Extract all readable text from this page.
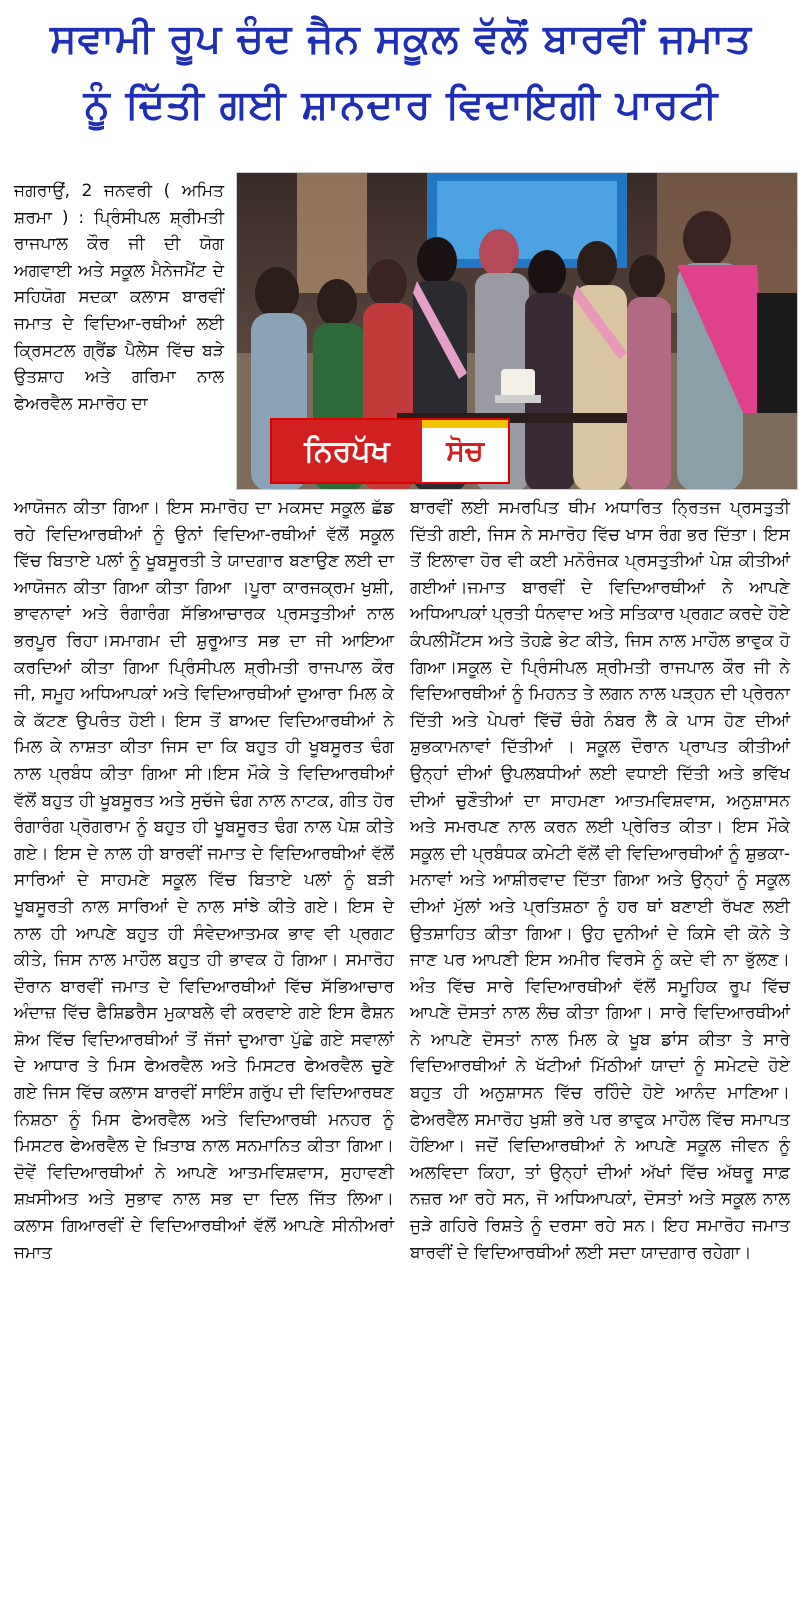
ਸਵਾਮੀ ਰੂਪ ਚੰਦ ਜੈਨ ਸਕੂਲ ਵੱਲੋਂ ਬਾਰਵੀਂ ਜਮਾਤ
ਨੂੰ ਦਿੱਤੀ ਗਈ ਸ਼ਾਨਦਾਰ ਵਿਦਾਇਗੀ ਪਾਰਟੀ

ਜਗਰਾਉਂ, 2 ਜਨਵਰੀ ( ਅਮਿਤ ਸ਼ਰਮਾ ) : ਪ੍ਰਿੰਸੀਪਲ ਸ਼੍ਰੀਮਤੀ ਰਾਜਪਾਲ ਕੌਰ ਜੀ ਦੀ ਯੋਗ ਅਗਵਾਈ ਅਤੇ ਸਕੂਲ ਮੈਨੇਜਮੈਂਟ ਦੇ ਸਹਿਯੋਗ ਸਦਕਾ ਕਲਾਸ ਬਾਰਵੀਂ ਜਮਾਤ ਦੇ ਵਿਦਿਆ-ਰਥੀਆਂ ਲਈ ਕ੍ਰਿਸਟਲ ਗ੍ਰੈਂਡ ਪੈਲੇਸ ਵਿੱਚ ਬੜੇ ਉਤਸ਼ਾਹ ਅਤੇ ਗਰਿਮਾ ਨਾਲ ਫੇਅਰਵੈਲ ਸਮਾਰੋਹ ਦਾ

ਨਿਰਪੱਖ	ਸੋਚ

ਆਯੋਜਨ ਕੀਤਾ ਗਿਆ। ਇਸ ਸਮਾਰੋਹ ਦਾ ਮਕਸਦ ਸਕੂਲ ਛੱਡ ਰਹੇ ਵਿਦਿਆਰਥੀਆਂ ਨੂੰ ਉਨਾਂ ਵਿਦਿਆ-ਰਥੀਆਂ ਵੱਲੋਂ ਸਕੂਲ ਵਿੱਚ ਬਿਤਾਏ ਪਲਾਂ ਨੂੰ ਖੂਬਸੂਰਤੀ ਤੇ ਯਾਦਗਾਰ ਬਣਾਉਣ ਲਈ ਦਾ ਆਯੋਜਨ ਕੀਤਾ ਗਿਆ ਕੀਤਾ ਗਿਆ ।ਪੂਰਾ ਕਾਰਜਕ੍ਰਮ ਖੁਸ਼ੀ, ਭਾਵਨਾਵਾਂ ਅਤੇ ਰੰਗਾਰੰਗ ਸੱਭਿਆਚਾਰਕ ਪ੍ਰਸਤੁਤੀਆਂ ਨਾਲ ਭਰਪੂਰ ਰਿਹਾ।ਸਮਾਗਮ ਦੀ ਸ਼ੁਰੂਆਤ ਸਭ ਦਾ ਜੀ ਆਇਆ ਕਰਦਿਆਂ ਕੀਤਾ ਗਿਆ ਪ੍ਰਿੰਸੀਪਲ ਸ਼੍ਰੀਮਤੀ ਰਾਜਪਾਲ ਕੌਰ ਜੀ, ਸਮੂਹ ਅਧਿਆਪਕਾਂ ਅਤੇ ਵਿਦਿਆਰਥੀਆਂ ਦੁਆਰਾ ਮਿਲ ਕੇ ਕੇ ਕੱਟਣ ਉਪਰੰਤ ਹੋਈ। ਇਸ ਤੋਂ ਬਾਅਦ ਵਿਦਿਆਰਥੀਆਂ ਨੇ ਮਿਲ ਕੇ ਨਾਸ਼ਤਾ ਕੀਤਾ ਜਿਸ ਦਾ ਕਿ ਬਹੁਤ ਹੀ ਖੂਬਸੂਰਤ ਢੰਗ ਨਾਲ ਪ੍ਰਬੰਧ ਕੀਤਾ ਗਿਆ ਸੀ।ਇਸ ਮੌਕੇ ਤੇ ਵਿਦਿਆਰਥੀਆਂ ਵੱਲੋਂ ਬਹੁਤ ਹੀ ਖੂਬਸੂਰਤ ਅਤੇ ਸੁਚੱਜੇ ਢੰਗ ਨਾਲ ਨਾਟਕ, ਗੀਤ ਹੋਰ ਰੰਗਾਰੰਗ ਪ੍ਰੋਗਰਾਮ ਨੂੰ ਬਹੁਤ ਹੀ ਖੂਬਸੂਰਤ ਢੰਗ ਨਾਲ ਪੇਸ਼ ਕੀਤੇ ਗਏ। ਇਸ ਦੇ ਨਾਲ ਹੀ ਬਾਰਵੀਂ ਜਮਾਤ ਦੇ ਵਿਦਿਆਰਥੀਆਂ ਵੱਲੋਂ ਸਾਰਿਆਂ ਦੇ ਸਾਹਮਣੇ ਸਕੂਲ ਵਿੱਚ ਬਿਤਾਏ ਪਲਾਂ ਨੂੰ ਬੜੀ ਖੂਬਸੂਰਤੀ ਨਾਲ ਸਾਰਿਆਂ ਦੇ ਨਾਲ ਸਾਂਝੇ ਕੀਤੇ ਗਏ। ਇਸ ਦੇ ਨਾਲ ਹੀ ਆਪਣੇ ਬਹੁਤ ਹੀ ਸੰਵੇਦਆਤਮਕ ਭਾਵ ਵੀ ਪ੍ਰਗਟ ਕੀਤੇ, ਜਿਸ ਨਾਲ ਮਾਹੌਲ ਬਹੁਤ ਹੀ ਭਾਵਕ ਹੋ ਗਿਆ। ਸਮਾਰੋਹ ਦੌਰਾਨ ਬਾਰਵੀਂ ਜਮਾਤ ਦੇ ਵਿਦਿਆਰਥੀਆਂ ਵਿੱਚ ਸੱਭਿਆਚਾਰ ਅੰਦਾਜ਼ ਵਿੱਚ ਫੈਸ਼ਿਡਰੈਸ ਮੁਕਾਬਲੇ ਵੀ ਕਰਵਾਏ ਗਏ ਇਸ ਫੈਸ਼ਨ ਸ਼ੋਅ ਵਿੱਚ ਵਿਦਿਆਰਥੀਆਂ ਤੋਂ ਜੱਜਾਂ ਦੁਆਰਾ ਪੁੱਛੇ ਗਏ ਸਵਾਲਾਂ ਦੇ ਆਧਾਰ ਤੇ ਮਿਸ ਫੇਅਰਵੈਲ ਅਤੇ ਮਿਸਟਰ ਫੇਅਰਵੈਲ ਚੁਣੇ ਗਏ ਜਿਸ ਵਿੱਚ ਕਲਾਸ ਬਾਰਵੀਂ ਸਾਇੰਸ ਗਰੁੱਪ ਦੀ ਵਿਦਿਆਰਥਣ ਨਿਸ਼ਠਾ ਨੂੰ ਮਿਸ ਫੇਅਰਵੈਲ ਅਤੇ ਵਿਦਿਆਰਥੀ ਮਨਹਰ ਨੂੰ ਮਿਸਟਰ ਫੇਅਰਵੈਲ ਦੇ ਖ਼ਿਤਾਬ ਨਾਲ ਸਨਮਾਨਿਤ ਕੀਤਾ ਗਿਆ। ਦੋਵੇਂ ਵਿਦਿਆਰਥੀਆਂ ਨੇ ਆਪਣੇ ਆਤਮਵਿਸ਼ਵਾਸ, ਸੁਹਾਵਣੀ ਸ਼ਖ਼ਸੀਅਤ ਅਤੇ ਸੁਭਾਵ ਨਾਲ ਸਭ ਦਾ ਦਿਲ ਜਿੱਤ ਲਿਆ। ਕਲਾਸ ਗਿਆਰਵੀਂ ਦੇ ਵਿਦਿਆਰਥੀਆਂ ਵੱਲੋਂ ਆਪਣੇ ਸੀਨੀਅਰਾਂ ਜਮਾਤ

ਬਾਰਵੀਂ ਲਈ ਸਮਰਪਿਤ ਥੀਮ ਅਧਾਰਿਤ ਨ੍ਰਿਤਜ ਪ੍ਰਸਤੁਤੀ ਦਿੱਤੀ ਗਈ, ਜਿਸ ਨੇ ਸਮਾਰੋਹ ਵਿੱਚ ਖਾਸ ਰੰਗ ਭਰ ਦਿੱਤਾ। ਇਸ ਤੋਂ ਇਲਾਵਾ ਹੋਰ ਵੀ ਕਈ ਮਨੋਰੰਜਕ ਪ੍ਰਸਤੁਤੀਆਂ ਪੇਸ਼ ਕੀਤੀਆਂ ਗਈਆਂ।ਜਮਾਤ ਬਾਰਵੀਂ ਦੇ ਵਿਦਿਆਰਥੀਆਂ ਨੇ ਆਪਣੇ ਅਧਿਆਪਕਾਂ ਪ੍ਰਤੀ ਧੰਨਵਾਦ ਅਤੇ ਸਤਿਕਾਰ ਪ੍ਰਗਟ ਕਰਦੇ ਹੋਏ ਕੰਪਲੀਮੈਂਟਸ ਅਤੇ ਤੋਹਫ਼ੇ ਭੇਟ ਕੀਤੇ, ਜਿਸ ਨਾਲ ਮਾਹੌਲ ਭਾਵੁਕ ਹੋ ਗਿਆ।ਸਕੂਲ ਦੇ ਪ੍ਰਿੰਸੀਪਲ ਸ਼੍ਰੀਮਤੀ ਰਾਜਪਾਲ ਕੌਰ ਜੀ ਨੇ ਵਿਦਿਆਰਥੀਆਂ ਨੂੰ ਮਿਹਨਤ ਤੇ ਲਗਨ ਨਾਲ ਪੜ੍ਹਨ ਦੀ ਪ੍ਰੇਰਨਾ ਦਿੱਤੀ ਅਤੇ ਪੇਪਰਾਂ ਵਿੱਚੋਂ ਚੰਗੇ ਨੰਬਰ ਲੈ ਕੇ ਪਾਸ ਹੋਣ ਦੀਆਂ ਸ਼ੁਭਕਾਮਨਾਵਾਂ ਦਿੱਤੀਆਂ । ਸਕੂਲ ਦੌਰਾਨ ਪ੍ਰਾਪਤ ਕੀਤੀਆਂ ਉਨ੍ਹਾਂ ਦੀਆਂ ਉਪਲਬਧੀਆਂ ਲਈ ਵਧਾਈ ਦਿੱਤੀ ਅਤੇ ਭਵਿੱਖ ਦੀਆਂ ਚੁਣੌਤੀਆਂ ਦਾ ਸਾਹਮਣਾ ਆਤਮਵਿਸ਼ਵਾਸ, ਅਨੁਸ਼ਾਸਨ ਅਤੇ ਸਮਰਪਣ ਨਾਲ ਕਰਨ ਲਈ ਪ੍ਰੇਰਿਤ ਕੀਤਾ। ਇਸ ਮੌਕੇ ਸਕੂਲ ਦੀ ਪ੍ਰਬੰਧਕ ਕਮੇਟੀ ਵੱਲੋਂ ਵੀ ਵਿਦਿਆਰਥੀਆਂ ਨੂੰ ਸ਼ੁਭਕਾ-ਮਨਾਵਾਂ ਅਤੇ ਆਸ਼ੀਰਵਾਦ ਦਿੱਤਾ ਗਿਆ ਅਤੇ ਉਨ੍ਹਾਂ ਨੂੰ ਸਕੂਲ ਦੀਆਂ ਮੁੱਲਾਂ ਅਤੇ ਪ੍ਰਤਿਸ਼ਠਾ ਨੂੰ ਹਰ ਥਾਂ ਬਣਾਈ ਰੱਖਣ ਲਈ ਉਤਸ਼ਾਹਿਤ ਕੀਤਾ ਗਿਆ। ਉਹ ਦੁਨੀਆਂ ਦੇ ਕਿਸੇ ਵੀ ਕੋਨੇ ਤੇ ਜਾਣ ਪਰ ਆਪਣੀ ਇਸ ਅਮੀਰ ਵਿਰਸੇ ਨੂੰ ਕਦੇ ਵੀ ਨਾ ਭੁੱਲਣ। ਅੰਤ ਵਿੱਚ ਸਾਰੇ ਵਿਦਿਆਰਥੀਆਂ ਵੱਲੋਂ ਸਮੂਹਿਕ ਰੂਪ ਵਿੱਚ ਆਪਣੇ ਦੋਸਤਾਂ ਨਾਲ ਲੰਚ ਕੀਤਾ ਗਿਆ। ਸਾਰੇ ਵਿਦਿਆਰਥੀਆਂ ਨੇ ਆਪਣੇ ਦੋਸਤਾਂ ਨਾਲ ਮਿਲ ਕੇ ਖੂਬ ਡਾਂਸ ਕੀਤਾ ਤੇ ਸਾਰੇ ਵਿਦਿਆਰਥੀਆਂ ਨੇ ਖੱਟੀਆਂ ਮਿੱਠੀਆਂ ਯਾਦਾਂ ਨੂੰ ਸਮੇਟਦੇ ਹੋਏ ਬਹੁਤ ਹੀ ਅਨੁਸ਼ਾਸਨ ਵਿੱਚ ਰਹਿੰਦੇ ਹੋਏ ਆਨੰਦ ਮਾਣਿਆ। ਫੇਅਰਵੈਲ ਸਮਾਰੋਹ ਖੁਸ਼ੀ ਭਰੇ ਪਰ ਭਾਵੁਕ ਮਾਹੌਲ ਵਿੱਚ ਸਮਾਪਤ ਹੋਇਆ। ਜਦੋਂ ਵਿਦਿਆਰਥੀਆਂ ਨੇ ਆਪਣੇ ਸਕੂਲ ਜੀਵਨ ਨੂੰ ਅਲਵਿਦਾ ਕਿਹਾ, ਤਾਂ ਉਨ੍ਹਾਂ ਦੀਆਂ ਅੱਖਾਂ ਵਿੱਚ ਅੱਥਰੂ ਸਾਫ਼ ਨਜ਼ਰ ਆ ਰਹੇ ਸਨ, ਜੋ ਅਧਿਆਪਕਾਂ, ਦੋਸਤਾਂ ਅਤੇ ਸਕੂਲ ਨਾਲ ਜੁੜੇ ਗਹਿਰੇ ਰਿਸ਼ਤੇ ਨੂੰ ਦਰਸਾ ਰਹੇ ਸਨ। ਇਹ ਸਮਾਰੋਹ ਜਮਾਤ ਬਾਰਵੀਂ ਦੇ ਵਿਦਿਆਰਥੀਆਂ ਲਈ ਸਦਾ ਯਾਦਗਾਰ ਰਹੇਗਾ।
